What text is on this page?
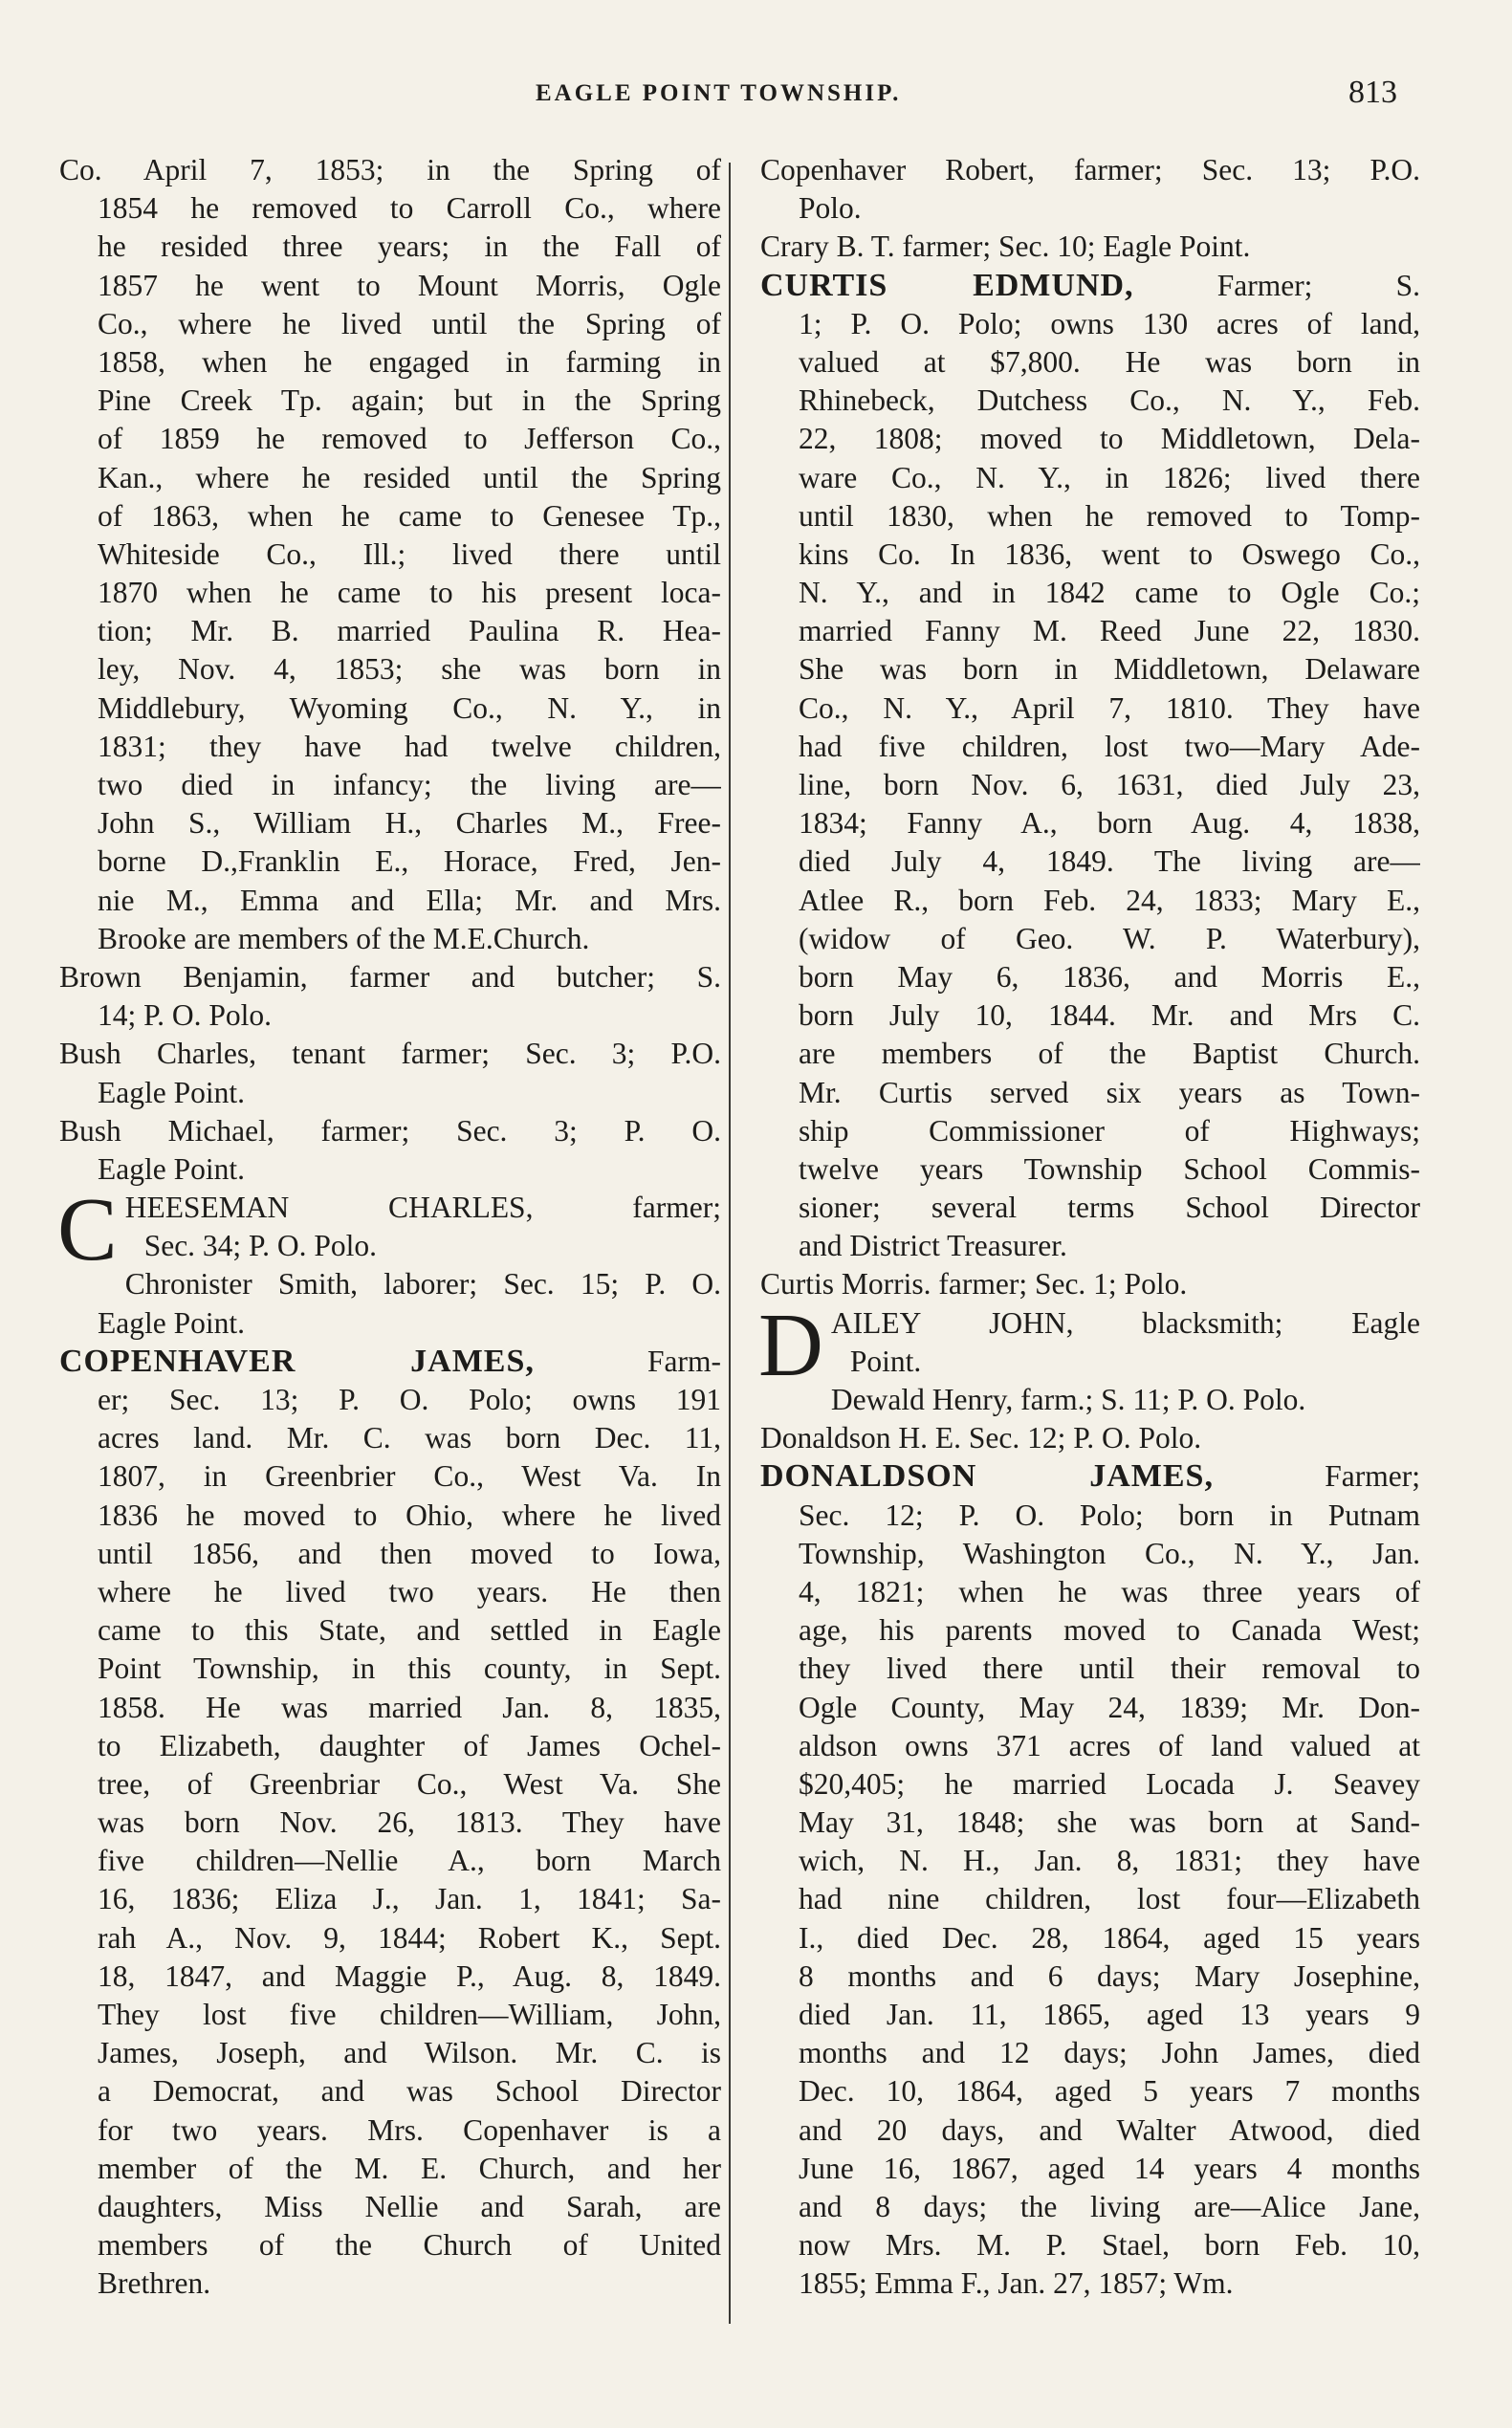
EAGLE POINT TOWNSHIP.	813
Co. April 7, 1853; in the Spring of
1854 he removed to Carroll Co., where
he resided three years; in the Fall of
1857 he went to Mount Morris, Ogle
Co., where he lived until the Spring of
1858, when he engaged in farming in
Pine Creek Tp. again; but in the Spring
of 1859 he removed to Jefferson Co.,
Kan., where he resided until the Spring
of 1863, when he came to Genesee Tp.,
Whiteside Co., Ill.; lived there until
1870 when he came to his present loca-
tion; Mr. B. married Paulina R. Hea-
ley, Nov. 4, 1853; she was born in
Middlebury, Wyoming Co., N. Y., in
1831; they have had twelve children,
two died in infancy; the living are—
John S., William H., Charles M., Free-
borne D.,Franklin E., Horace, Fred, Jen-
nie M., Emma and Ella; Mr. and Mrs.
Brooke are members of the M.E.Church.
Brown Benjamin, farmer and butcher; S.
14; P. O. Polo.
Bush Charles, tenant farmer; Sec. 3; P.O.
Eagle Point.
Bush Michael, farmer; Sec. 3; P. O.
Eagle Point.
C HEESEMAN CHARLES, farmer;
Sec. 34; P. O. Polo.
Chronister Smith, laborer; Sec. 15; P. O.
Eagle Point.
COPENHAVER JAMES, Farm-
er; Sec. 13; P. O. Polo; owns 191
acres land. Mr. C. was born Dec. 11,
1807, in Greenbrier Co., West Va. In
1836 he moved to Ohio, where he lived
until 1856, and then moved to Iowa,
where he lived two years. He then
came to this State, and settled in Eagle
Point Township, in this county, in Sept.
1858. He was married Jan. 8, 1835,
to Elizabeth, daughter of James Ochel-
tree, of Greenbriar Co., West Va. She
was born Nov. 26, 1813. They have
five children—Nellie A., born March
16, 1836; Eliza J., Jan. 1, 1841; Sa-
rah A., Nov. 9, 1844; Robert K., Sept.
18, 1847, and Maggie P., Aug. 8, 1849.
They lost five children—William, John,
James, Joseph, and Wilson. Mr. C. is
a Democrat, and was School Director
for two years. Mrs. Copenhaver is a
member of the M. E. Church, and her
daughters, Miss Nellie and Sarah, are
members of the Church of United
Brethren.
Copenhaver Robert, farmer; Sec. 13; P.O.
Polo.
Crary B. T. farmer; Sec. 10; Eagle Point.
CURTIS EDMUND, Farmer; S.
1; P. O. Polo; owns 130 acres of land,
valued at $7,800. He was born in
Rhinebeck, Dutchess Co., N. Y., Feb.
22, 1808; moved to Middletown, Dela-
ware Co., N. Y., in 1826; lived there
until 1830, when he removed to Tomp-
kins Co. In 1836, went to Oswego Co.,
N. Y., and in 1842 came to Ogle Co.;
married Fanny M. Reed June 22, 1830.
She was born in Middletown, Delaware
Co., N. Y., April 7, 1810. They have
had five children, lost two—Mary Ade-
line, born Nov. 6, 1631, died July 23,
1834; Fanny A., born Aug. 4, 1838,
died July 4, 1849. The living are—
Atlee R., born Feb. 24, 1833; Mary E.,
(widow of Geo. W. P. Waterbury),
born May 6, 1836, and Morris E.,
born July 10, 1844. Mr. and Mrs C.
are members of the Baptist Church.
Mr. Curtis served six years as Town-
ship Commissioner of Highways;
twelve years Township School Commis-
sioner; several terms School Director
and District Treasurer.
Curtis Morris. farmer; Sec. 1; Polo.
D AILEY JOHN, blacksmith; Eagle
Point.
Dewald Henry, farm.; S. 11; P. O. Polo.
Donaldson H. E. Sec. 12; P. O. Polo.
DONALDSON JAMES, Farmer;
Sec. 12; P. O. Polo; born in Putnam
Township, Washington Co., N. Y., Jan.
4, 1821; when he was three years of
age, his parents moved to Canada West;
they lived there until their removal to
Ogle County, May 24, 1839; Mr. Don-
aldson owns 371 acres of land valued at
$20,405; he married Locada J. Seavey
May 31, 1848; she was born at Sand-
wich, N. H., Jan. 8, 1831; they have
had nine children, lost four—Elizabeth
I., died Dec. 28, 1864, aged 15 years
8 months and 6 days; Mary Josephine,
died Jan. 11, 1865, aged 13 years 9
months and 12 days; John James, died
Dec. 10, 1864, aged 5 years 7 months
and 20 days, and Walter Atwood, died
June 16, 1867, aged 14 years 4 months
and 8 days; the living are—Alice Jane,
now Mrs. M. P. Stael, born Feb. 10,
1855; Emma F., Jan. 27, 1857; Wm.
